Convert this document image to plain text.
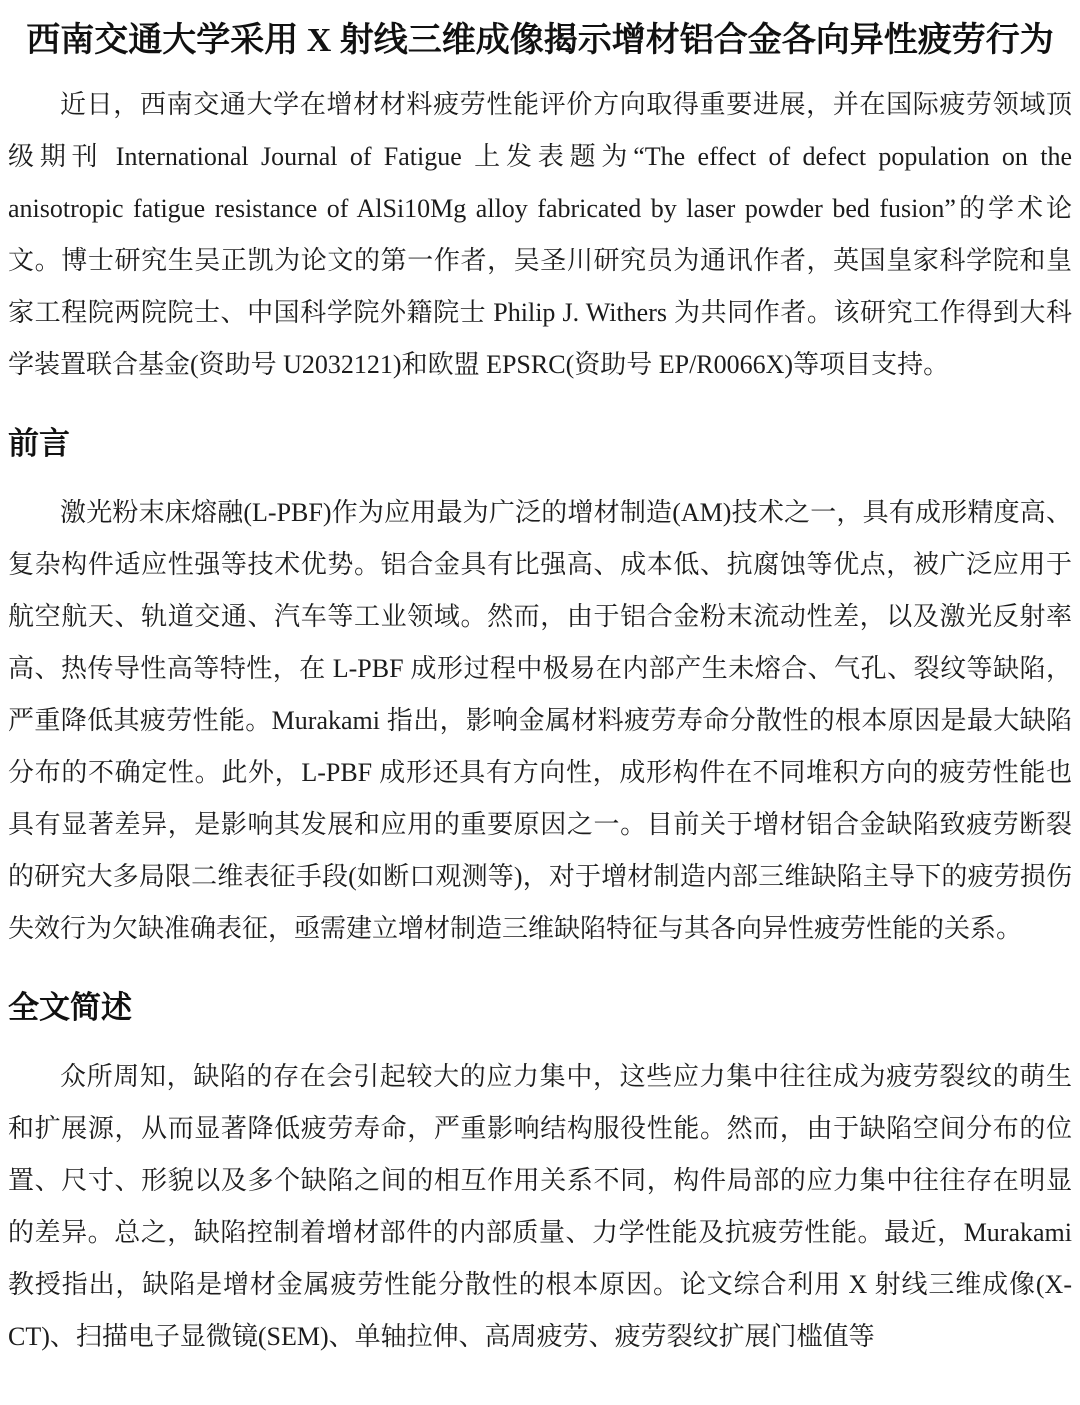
西南交通大学采用 X 射线三维成像揭示增材铝合金各向异性疲劳行为

近日，西南交通大学在增材材料疲劳性能评价方向取得重要进展，并在国际疲劳领域顶级期刊 International Journal of Fatigue 上发表题为“The effect of defect population on the anisotropic fatigue resistance of AlSi10Mg alloy fabricated by laser powder bed fusion”的学术论文。博士研究生吴正凯为论文的第一作者，吴圣川研究员为通讯作者，英国皇家科学院和皇家工程院两院院士、中国科学院外籍院士 Philip J. Withers 为共同作者。该研究工作得到大科学装置联合基金(资助号 U2032121)和欧盟 EPSRC(资助号 EP/R0066X)等项目支持。

前言

激光粉末床熔融(L-PBF)作为应用最为广泛的增材制造(AM)技术之一，具有成形精度高、复杂构件适应性强等技术优势。铝合金具有比强高、成本低、抗腐蚀等优点，被广泛应用于航空航天、轨道交通、汽车等工业领域。然而，由于铝合金粉末流动性差，以及激光反射率高、热传导性高等特性，在 L-PBF 成形过程中极易在内部产生未熔合、气孔、裂纹等缺陷，严重降低其疲劳性能。Murakami 指出，影响金属材料疲劳寿命分散性的根本原因是最大缺陷分布的不确定性。此外，L-PBF 成形还具有方向性，成形构件在不同堆积方向的疲劳性能也具有显著差异，是影响其发展和应用的重要原因之一。目前关于增材铝合金缺陷致疲劳断裂的研究大多局限二维表征手段(如断口观测等)，对于增材制造内部三维缺陷主导下的疲劳损伤失效行为欠缺准确表征，亟需建立增材制造三维缺陷特征与其各向异性疲劳性能的关系。

全文简述

众所周知，缺陷的存在会引起较大的应力集中，这些应力集中往往成为疲劳裂纹的萌生和扩展源，从而显著降低疲劳寿命，严重影响结构服役性能。然而，由于缺陷空间分布的位置、尺寸、形貌以及多个缺陷之间的相互作用关系不同，构件局部的应力集中往往存在明显的差异。总之，缺陷控制着增材部件的内部质量、力学性能及抗疲劳性能。最近，Murakami 教授指出，缺陷是增材金属疲劳性能分散性的根本原因。论文综合利用 X 射线三维成像(X-CT)、扫描电子显微镜(SEM)、单轴拉伸、高周疲劳、疲劳裂纹扩展门槛值等
